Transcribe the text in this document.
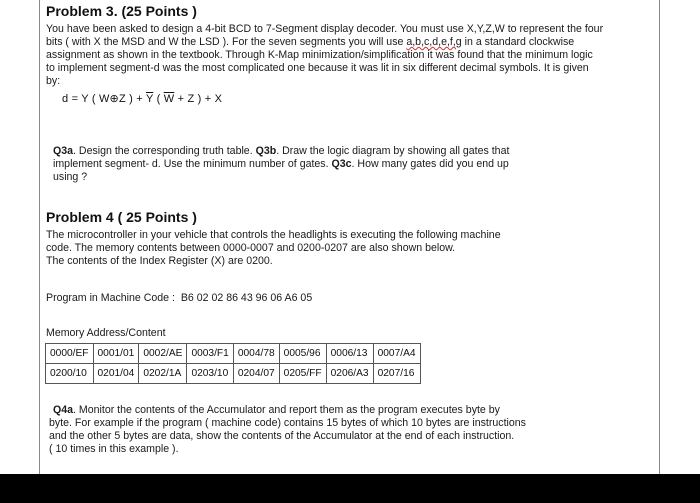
Problem 3. (25 Points )
You have been asked to design a 4-bit BCD to 7-Segment display decoder. You must use X,Y,Z,W to represent the four
bits ( with X the MSD and W the LSD ). For the seven segments you will use a,b,c,d,e,f,g in a standard clockwise
assignment as shown in the textbook. Through K-Map minimization/simplification it was found that the minimum logic
to implement segment-d was the most complicated one because it was lit in six different decimal symbols. It is given
by:
d = Y ( W⊕Z ) + $\overline{Y}$ ( $\overline{W} + Z$ ) + X
Q3a. Design the corresponding truth table. Q3b. Draw the logic diagram by showing all gates that
implement segment- d. Use the minimum number of gates. Q3c. How many gates did you end up
using ?
Problem 4 ( 25 Points )
The microcontroller in your vehicle that controls the headlights is executing the following machine
code. The memory contents between 0000-0007 and 0200-0207 are also shown below.
The contents of the Index Register (X) are 0200.
Program in Machine Code : B6 02 02 86 43 96 06 A6 05
Memory Address/Content
0000/EF	0001/01	0002/AE	0003/F1	0004/78	0005/96	0006/13	0007/A4
0200/10	0201/04	0202/1A	0203/10	0204/07	0205/FF	0206/A3	0207/16
Q4a. Monitor the contents of the Accumulator and report them as the program executes byte by
byte. For example if the program ( machine code) contains 15 bytes of which 10 bytes are instructions
and the other 5 bytes are data, show the contents of the Accumulator at the end of each instruction.
( 10 times in this example ).
